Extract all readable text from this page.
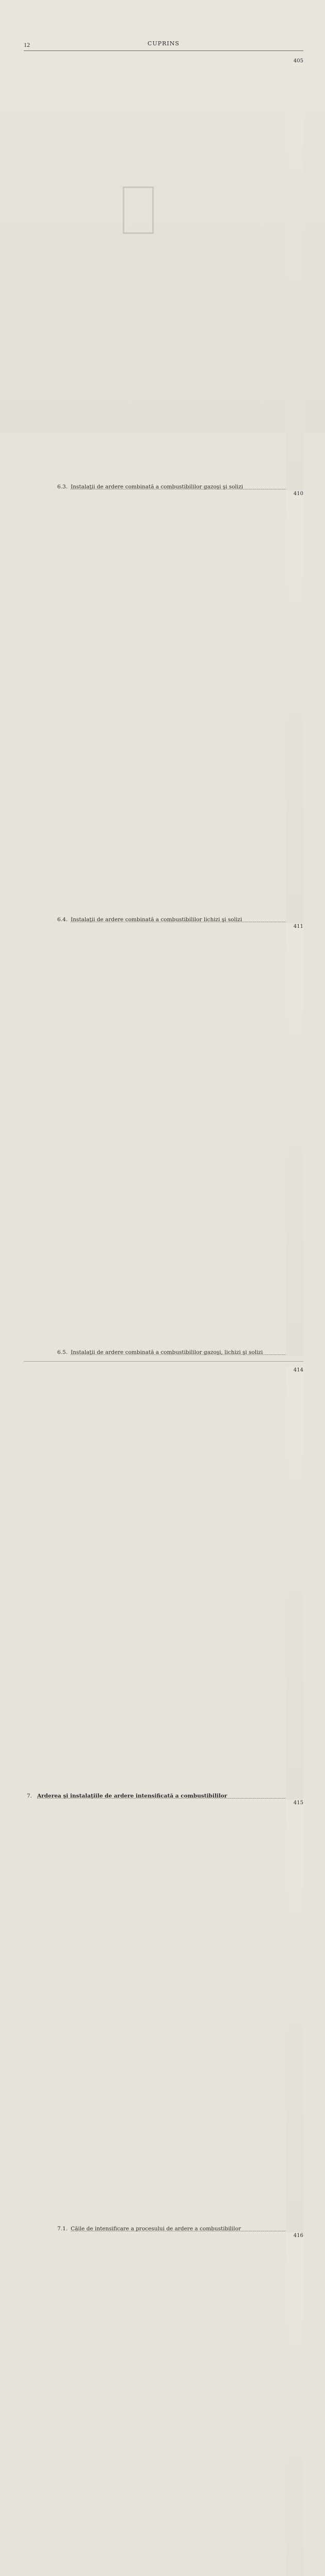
12	CUPRINS
6.3. Instalaţii de ardere combinată a combustibililor gazoşi şi solizi
405
6.4. Instalaţii de ardere combinată a combustibililor lichizi şi solizi
410
6.5. Instalaţii de ardere combinată a combustibililor gazoşi, lichizi şi solizi
411
7. Arderea şi instalaţiile de ardere intensificată a combustibililor
414
7.1. Căile de intensificare a procesului de ardere a combustibililor
415
416
